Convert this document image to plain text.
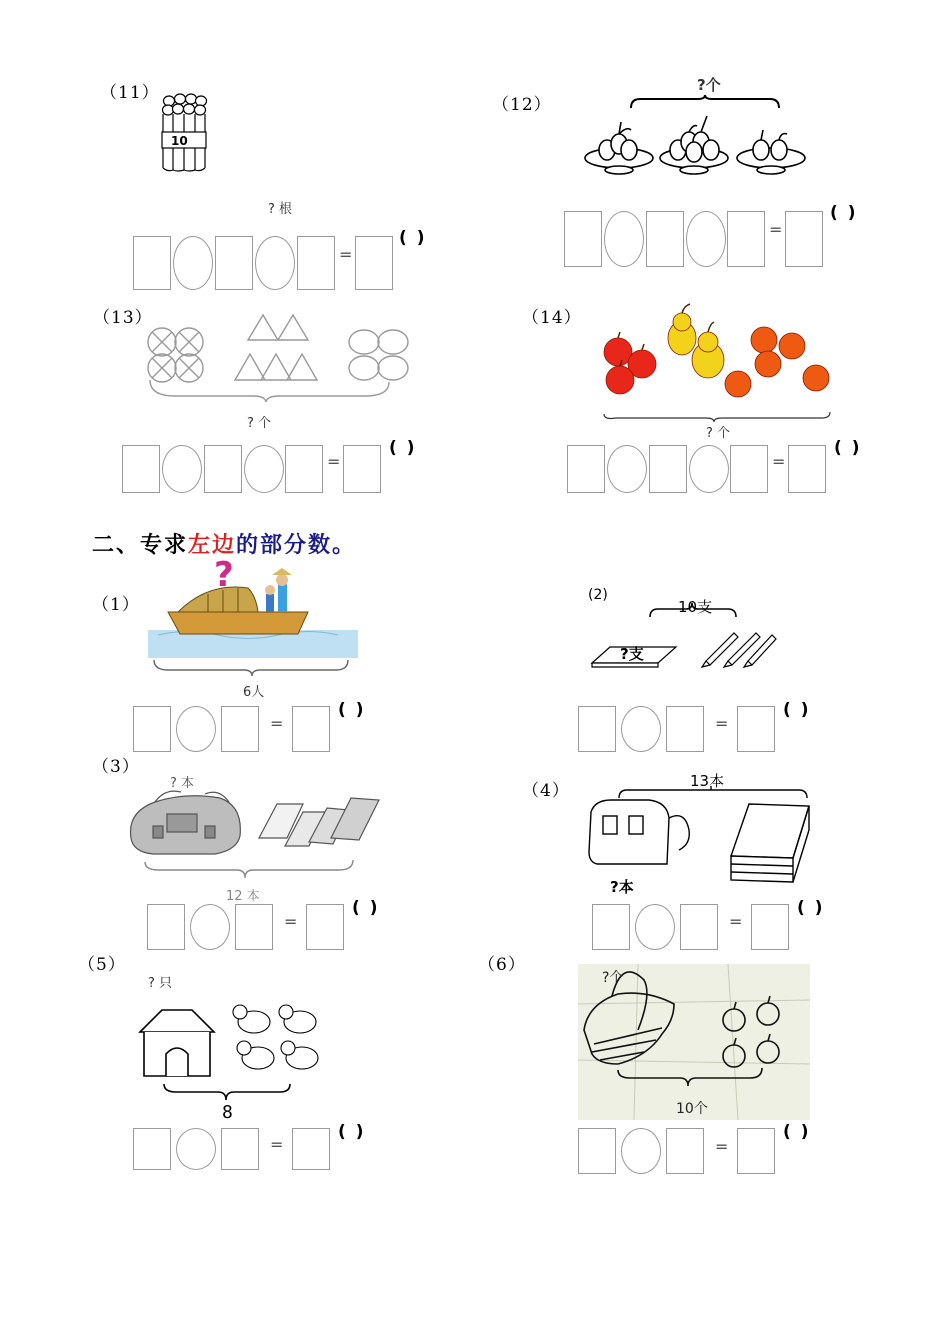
（11）
10
? 根
=
( )
（12）
?个
=
( )
（13）
? 个
=
( )
（14）
? 个
=
( )
二、专求左边的部分数。
（1）
?
6人
=
( )
(2)
10支
?支
=
( )
（3）
? 本
12 本
=
( )
（4）	13本
?本
=
( )
（5）
? 只
8
=
( )
（6）
?个
10个
=
( )
